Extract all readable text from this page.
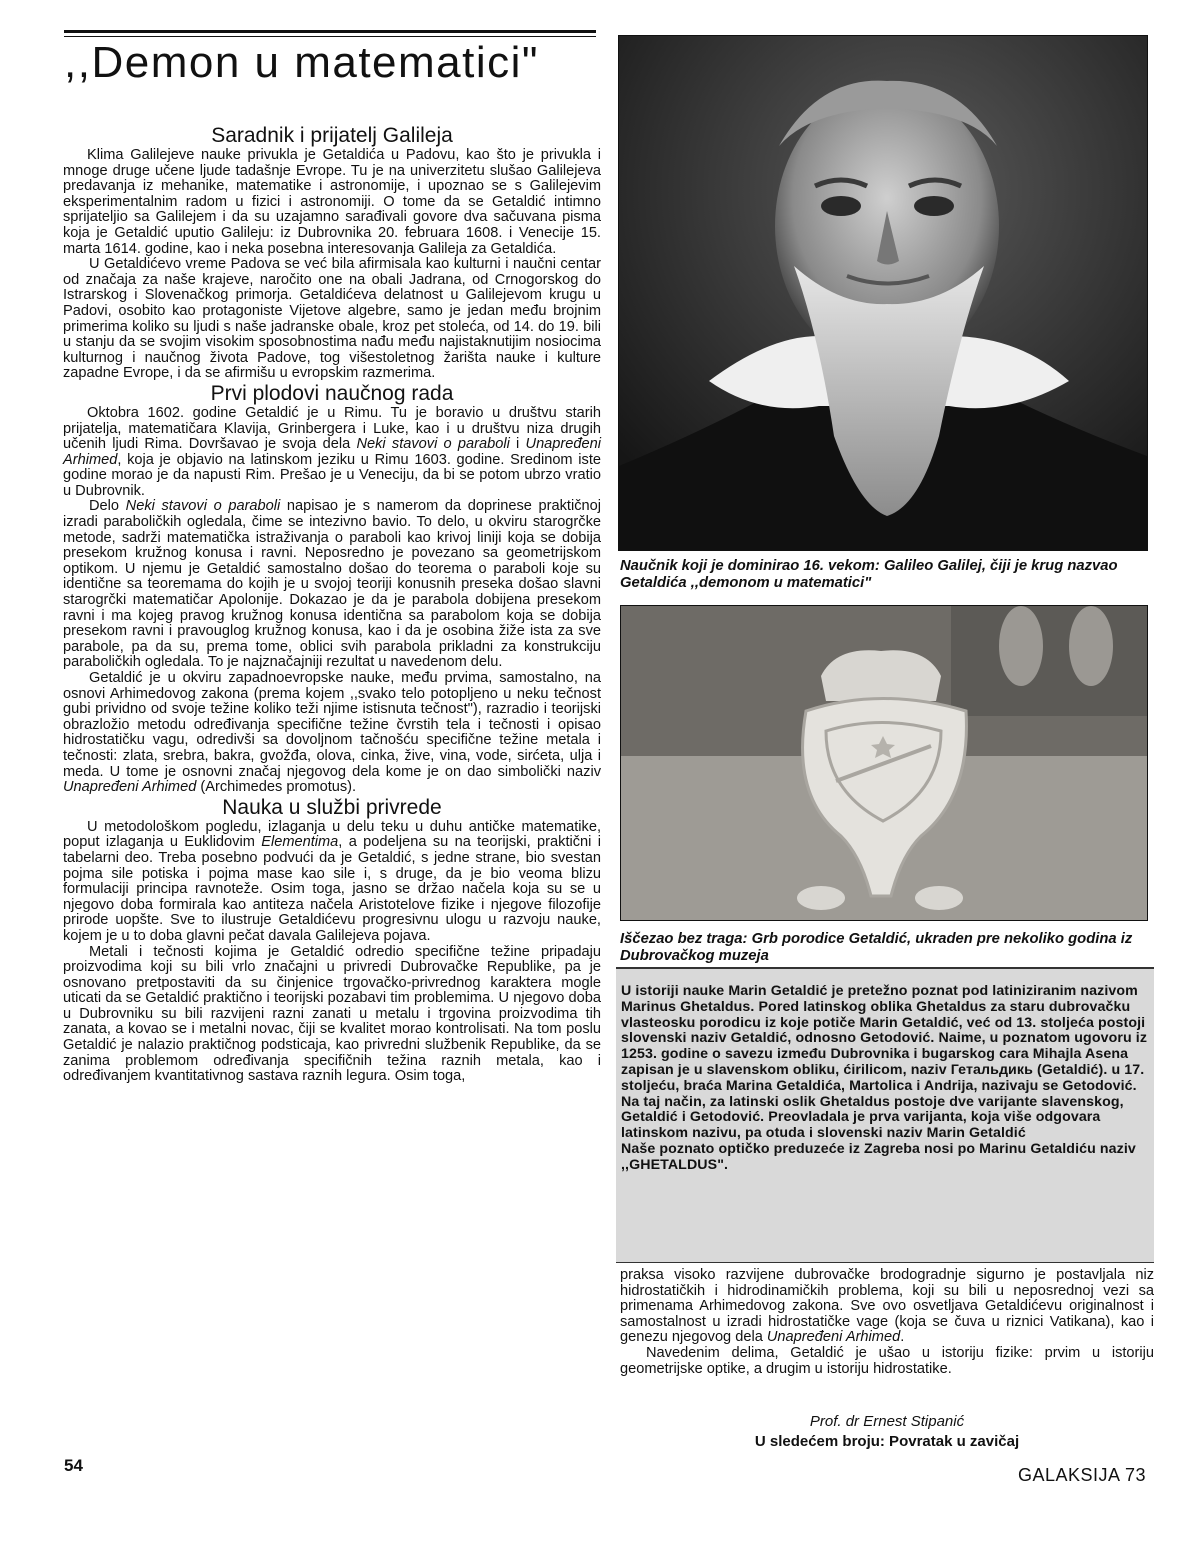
,,Demon u matematici"
Saradnik i prijatelj Galileja

Klima Galilejeve nauke privukla je Getaldića u Padovu, kao što je privukla i mnoge druge učene ljude tadašnje Evrope. Tu je na univerzitetu slušao Galilejeva predavanja iz mehanike, matematike i astronomije, i upoznao se s Galilejevim eksperimentalnim radom u fizici i astronomiji. O tome da se Getaldić intimno sprijateljio sa Galilejem i da su uzajamno sarađivali govore dva sačuvana pisma koja je Getaldić uputio Galileju: iz Dubrovnika 20. februara 1608. i Venecije 15. marta 1614. godine, kao i neka posebna interesovanja Galileja za Getaldića.

U Getaldićevo vreme Padova se već bila afirmisala kao kulturni i naučni centar od značaja za naše krajeve, naročito one na obali Jadrana, od Crnogorskog do Istrarskog i Slovenačkog primorja. Getaldićeva delatnost u Galilejevom krugu u Padovi, osobito kao protagoniste Vijetove algebre, samo je jedan među brojnim primerima koliko su ljudi s naše jadranske obale, kroz pet stoleća, od 14. do 19. bili u stanju da se svojim visokim sposobnostima nađu među najistaknutijim nosiocima kulturnog i naučnog života Padove, tog višestoletnog žarišta nauke i kulture zapadne Evrope, i da se afirmišu u evropskim razmerima.

Prvi plodovi naučnog rada

Oktobra 1602. godine Getaldić je u Rimu. Tu je boravio u društvu starih prijatelja, matematičara Klavija, Grinbergera i Luke, kao i u društvu niza drugih učenih ljudi Rima. Dovršavao je svoja dela Neki stavovi o paraboli i Unapređeni Arhimed, koja je objavio na latinskom jeziku u Rimu 1603. godine. Sredinom iste godine morao je da napusti Rim. Prešao je u Veneciju, da bi se potom ubrzo vratio u Dubrovnik.

Delo Neki stavovi o paraboli napisao je s namerom da doprinese praktičnoj izradi paraboličkih ogledala, čime se intezivno bavio. To delo, u okviru starogrčke metode, sadrži matematička istraživanja o paraboli kao krivoj liniji koja se dobija presekom kružnog konusa i ravni. Neposredno je povezano sa geometrijskom optikom. U njemu je Getaldić samostalno došao do teorema o paraboli koje su identične sa teoremama do kojih je u svojoj teoriji konusnih preseka došao slavni starogrčki matematičar Apolonije. Dokazao je da je parabola dobijena presekom ravni i ma kojeg pravog kružnog konusa identična sa parabolom koja se dobija presekom ravni i pravouglog kružnog konusa, kao i da je osobina žiže ista za sve parabole, pa da su, prema tome, oblici svih parabola prikladni za konstrukciju paraboličkih ogledala. To je najznačajniji rezultat u navedenom delu.

Getaldić je u okviru zapadnoevropske nauke, među prvima, samostalno, na osnovi Arhimedovog zakona (prema kojem ,,svako telo potopljeno u neku tečnost gubi prividno od svoje težine koliko teži njime istisnuta tečnost"), razradio i teorijski obrazložio metodu određivanja specifične težine čvrstih tela i tečnosti i opisao hidrostatičku vagu, odredivši sa dovoljnom tačnošću specifične težine metala i tečnosti: zlata, srebra, bakra, gvožđa, olova, cinka, žive, vina, vode, sirćeta, ulja i meda. U tome je osnovni značaj njegovog dela kome je on dao simbolički naziv Unapređeni Arhimed (Archimedes promotus).

Nauka u službi privrede

U metodološkom pogledu, izlaganja u delu teku u duhu antičke matematike, poput izlaganja u Euklidovim Elementima, a podeljena su na teorijski, praktični i tabelarni deo. Treba posebno podvući da je Getaldić, s jedne strane, bio svestan pojma sile potiska i pojma mase kao sile i, s druge, da je bio veoma blizu formulaciji principa ravnoteže. Osim toga, jasno se držao načela koja su se u njegovo doba formirala kao antiteza načela Aristotelove fizike i njegove filozofije prirode uopšte. Sve to ilustruje Getaldićevu progresivnu ulogu u razvoju nauke, kojem je u to doba glavni pečat davala Galilejeva pojava.

Metali i tečnosti kojima je Getaldić odredio specifične težine pripadaju proizvodima koji su bili vrlo značajni u privredi Dubrovačke Republike, pa je osnovano pretpostaviti da su činjenice trgovačko-privrednog karaktera mogle uticati da se Getaldić praktično i teorijski pozabavi tim problemima. U njegovo doba u Dubrovniku su bili razvijeni razni zanati u metalu i trgovina proizvodima tih zanata, a kovao se i metalni novac, čiji se kvalitet morao kontrolisati. Na tom poslu Getaldić je nalazio praktičnog podsticaja, kao privredni službenik Republike, da se zanima problemom određivanja specifičnih težina raznih metala, kao i određivanjem kvantitativnog sastava raznih legura. Osim toga,

Naučnik koji je dominirao 16. vekom: Galileo Galilej, čiji je krug nazvao Getaldića ,,demonom u matematici"
Iščezao bez traga: Grb porodice Getaldić, ukraden pre nekoliko godina iz Dubrovačkog muzeja

U istoriji nauke Marin Getaldić je pretežno poznat pod latiniziranim nazivom Marinus Ghetaldus. Pored latinskog oblika Ghetaldus za staru dubrovačku vlasteosku porodicu iz koje potiče Marin Getaldić, već od 13. stoljeća postoji slovenski naziv Getaldić, odnosno Getodović. Naime, u poznatom ugovoru iz 1253. godine o savezu između Dubrovnika i bugarskog cara Mihajla Asena zapisan je u slavenskom obliku, ćirilicom, naziv Гетальдикь (Getaldić). u 17. stoljeću, braća Marina Getaldića, Martolica i Andrija, nazivaju se Getodović. Na taj način, za latinski oslik Ghetaldus postoje dve varijante slavenskog, Getaldić i Getodović. Preovladala je prva varijanta, koja više odgovara latinskom nazivu, pa otuda i slovenski naziv Marin Getaldić

Naše poznato optičko preduzeće iz Zagreba nosi po Marinu Getaldiću naziv ,,GHETALDUS".

praksa visoko razvijene dubrovačke brodogradnje sigurno je postavljala niz hidrostatičkih i hidrodinamičkih problema, koji su bili u neposrednoj vezi sa primenama Arhimedovog zakona. Sve ovo osvetljava Getaldićevu originalnost i samostalnost u izradi hidrostatičke vage (koja se čuva u riznici Vatikana), kao i genezu njegovog dela Unapređeni Arhimed.

Navedenim delima, Getaldić je ušao u istoriju fizike: prvim u istoriju geometrijske optike, a drugim u istoriju hidrostatike.

Prof. dr Ernest Stipanić
U sledećem broju: Povratak u zavičaj
54	GALAKSIJA 73
